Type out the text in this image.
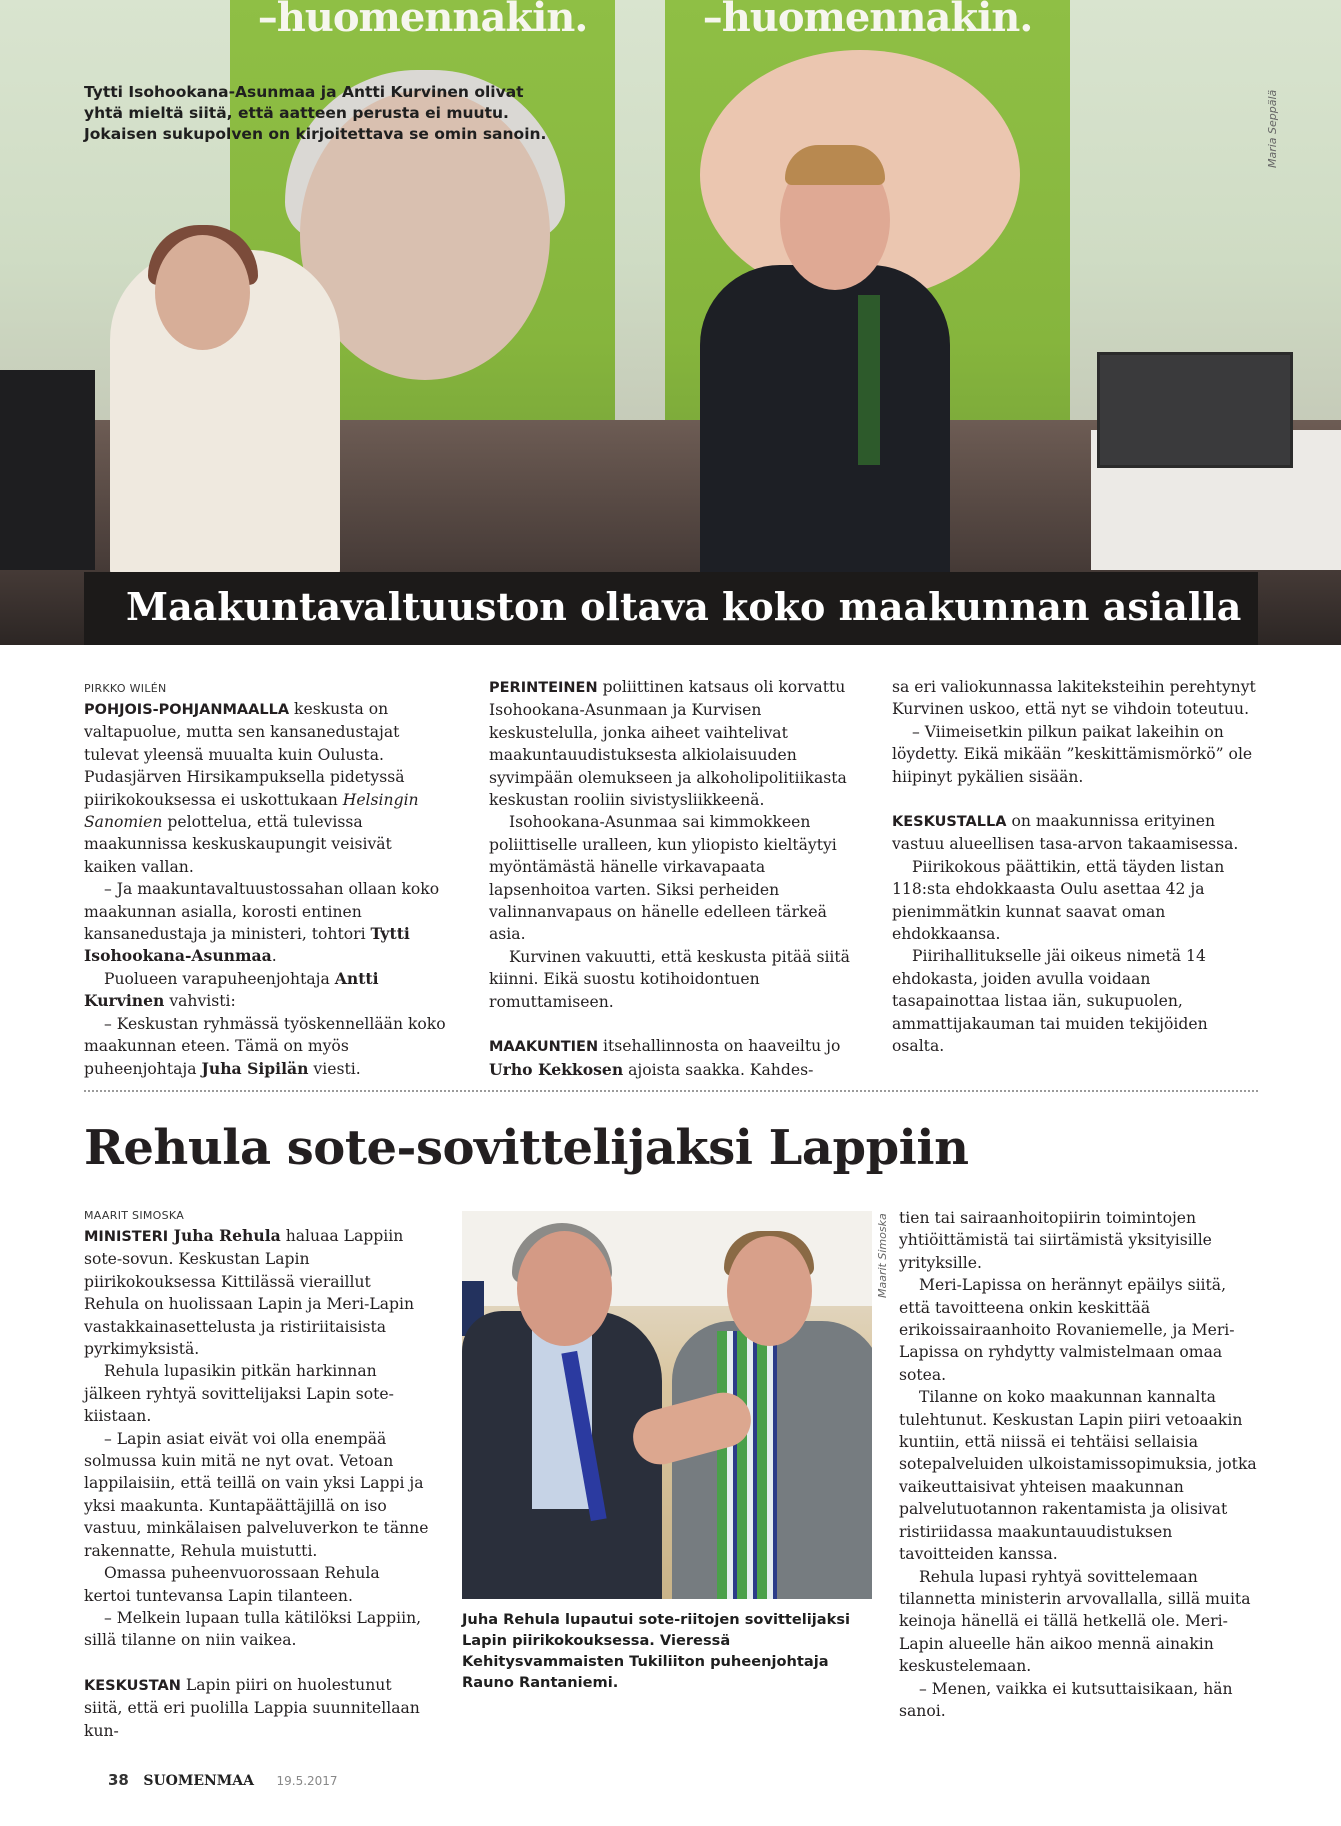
–huomennakin.	–huomennakin.
Tytti Isohookana-Asunmaa ja Antti Kurvinen olivat yhtä mieltä siitä, että aatteen perusta ei muutu. Jokaisen sukupolven on kirjoitettava se omin sanoin.	Maria Seppälä
Maakuntavaltuuston oltava koko maakunnan asialla
PIRKKO WILÉN

POHJOIS-POHJANMAALLA keskusta on valtapuolue, mutta sen kansanedustajat tulevat yleensä muualta kuin Oulusta. Pudasjärven Hirsikampuksella pidetyssä piirikokouksessa ei uskottukaan Helsingin Sanomien pelottelua, että tulevissa maakunnissa keskuskaupungit veisivät kaiken vallan.

– Ja maakuntavaltuustossahan ollaan koko maakunnan asialla, korosti entinen kansanedustaja ja ministeri, tohtori Tytti Isohookana-Asunmaa.

Puolueen varapuheenjohtaja Antti Kurvinen vahvisti:

– Keskustan ryhmässä työskennellään koko maakunnan eteen. Tämä on myös puheenjohtaja Juha Sipilän viesti.

PERINTEINEN poliittinen katsaus oli korvattu Isohookana-Asunmaan ja Kurvisen keskustelulla, jonka aiheet vaihtelivat maakuntauudistuksesta alkiolaisuuden syvimpään olemukseen ja alkoholipolitiikasta keskustan rooliin sivistysliikkeenä.

Isohookana-Asunmaa sai kimmokkeen poliittiselle uralleen, kun yliopisto kieltäytyi myöntämästä hänelle virkavapaata lapsenhoitoa varten. Siksi perheiden valinnanvapaus on hänelle edelleen tärkeä asia.

Kurvinen vakuutti, että keskusta pitää siitä kiinni. Eikä suostu kotihoidontuen romuttamiseen.

MAAKUNTIEN itsehallinnosta on haaveiltu jo Urho Kekkosen ajoista saakka. Kahdes-

sa eri valiokunnassa lakiteksteihin perehtynyt Kurvinen uskoo, että nyt se vihdoin toteutuu.

– Viimeisetkin pilkun paikat lakeihin on löydetty. Eikä mikään ”keskittämismörkö” ole hiipinyt pykälien sisään.

KESKUSTALLA on maakunnissa erityinen vastuu alueellisen tasa-arvon takaamisessa.

Piirikokous päättikin, että täyden listan 118:sta ehdokkaasta Oulu asettaa 42 ja pienimmätkin kunnat saavat oman ehdokkaansa.

Piirihallitukselle jäi oikeus nimetä 14 ehdokasta, joiden avulla voidaan tasapainottaa listaa iän, sukupuolen, ammattijakauman tai muiden tekijöiden osalta.

Rehula sote-sovittelijaksi Lappiin
MAARIT SIMOSKA

MINISTERI Juha Rehula haluaa Lappiin sote-sovun. Keskustan Lapin piirikokouksessa Kittilässä vieraillut Rehula on huolissaan Lapin ja Meri-Lapin vastakkainasettelusta ja ristiriitaisista pyrkimyksistä.

Rehula lupasikin pitkän harkinnan jälkeen ryhtyä sovittelijaksi Lapin sote-kiistaan.

– Lapin asiat eivät voi olla enempää solmussa kuin mitä ne nyt ovat. Vetoan lappilaisiin, että teillä on vain yksi Lappi ja yksi maakunta. Kuntapäättäjillä on iso vastuu, minkälaisen palveluverkon te tänne rakennatte, Rehula muistutti.

Omassa puheenvuorossaan Rehula kertoi tuntevansa Lapin tilanteen.

– Melkein lupaan tulla kätilöksi Lappiin, sillä tilanne on niin vaikea.

KESKUSTAN Lapin piiri on huolestunut siitä, että eri puolilla Lappia suunnitellaan kun-

Maarit Simoska
Juha Rehula lupautui sote-riitojen sovittelijaksi Lapin piirikokouksessa. Vieressä Kehitysvammaisten Tukiliiton puheenjohtaja Rauno Rantaniemi.

tien tai sairaanhoitopiirin toimintojen yhtiöittämistä tai siirtämistä yksityisille yrityksille.

Meri-Lapissa on herännyt epäilys siitä, että tavoitteena onkin keskittää erikoissairaanhoito Rovaniemelle, ja Meri-Lapissa on ryhdytty valmistelmaan omaa sotea.

Tilanne on koko maakunnan kannalta tulehtunut. Keskustan Lapin piiri vetoaakin kuntiin, että niissä ei tehtäisi sellaisia sotepalveluiden ulkoistamissopimuksia, jotka vaikeuttaisivat yhteisen maakunnan palvelutuotannon rakentamista ja olisivat ristiriidassa maakuntauudistuksen tavoitteiden kanssa.

Rehula lupasi ryhtyä sovittelemaan tilannetta ministerin arvovallalla, sillä muita keinoja hänellä ei tällä hetkellä ole. Meri-Lapin alueelle hän aikoo mennä ainakin keskustelemaan.

– Menen, vaikka ei kutsuttaisikaan, hän sanoi.

38 SUOMENMAA 19.5.2017
